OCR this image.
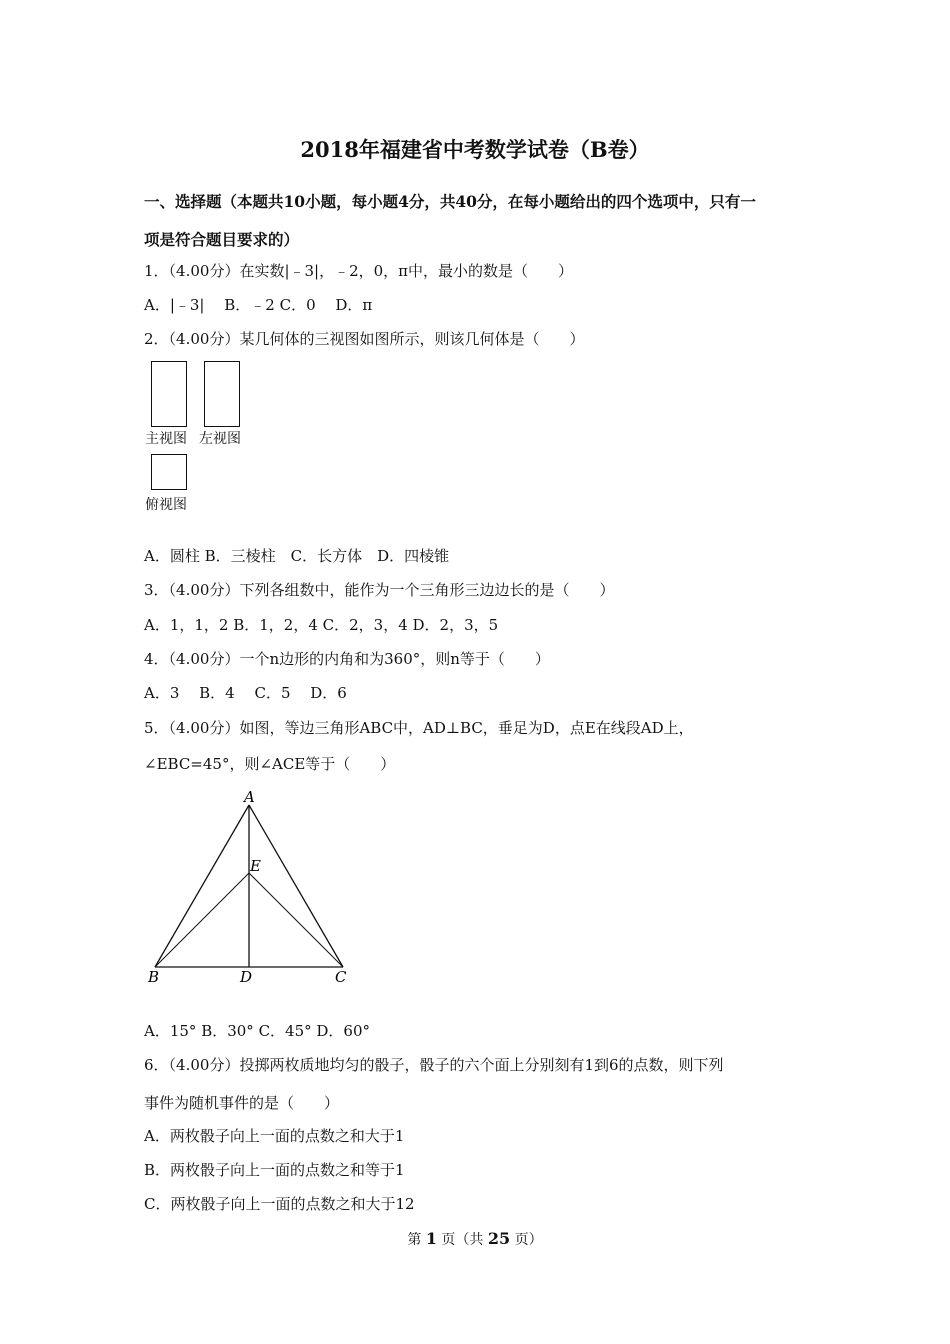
2018年福建省中考数学试卷（B卷）
一、选择题（本题共10小题，每小题4分，共40分，在每小题给出的四个选项中，只有一
项是符合题目要求的）
1．（4.00分）在实数|﹣3|，﹣2，0，π中，最小的数是（　　）
A．|﹣3|　 B．﹣2 C．0　 D．π
2．（4.00分）某几何体的三视图如图所示，则该几何体是（　　）
主视图 左视图
俯视图
A．圆柱 B．三棱柱　C．长方体　D．四棱锥
3．（4.00分）下列各组数中，能作为一个三角形三边边长的是（　　）
A．1，1，2 B．1，2，4 C．2，3，4 D．2，3，5
4．（4.00分）一个n边形的内角和为360°，则n等于（　　）
A．3　 B．4　 C．5　 D．6
5．（4.00分）如图，等边三角形ABC中，AD⊥BC，垂足为D，点E在线段AD上，
∠EBC=45°，则∠ACE等于（　　）
A
E
B	D	C
A．15° B．30° C．45° D．60°
6．（4.00分）投掷两枚质地均匀的骰子，骰子的六个面上分别刻有1到6的点数，则下列
事件为随机事件的是（　　）
A．两枚骰子向上一面的点数之和大于1
B．两枚骰子向上一面的点数之和等于1
C．两枚骰子向上一面的点数之和大于12
第 1 页（共 25 页）
